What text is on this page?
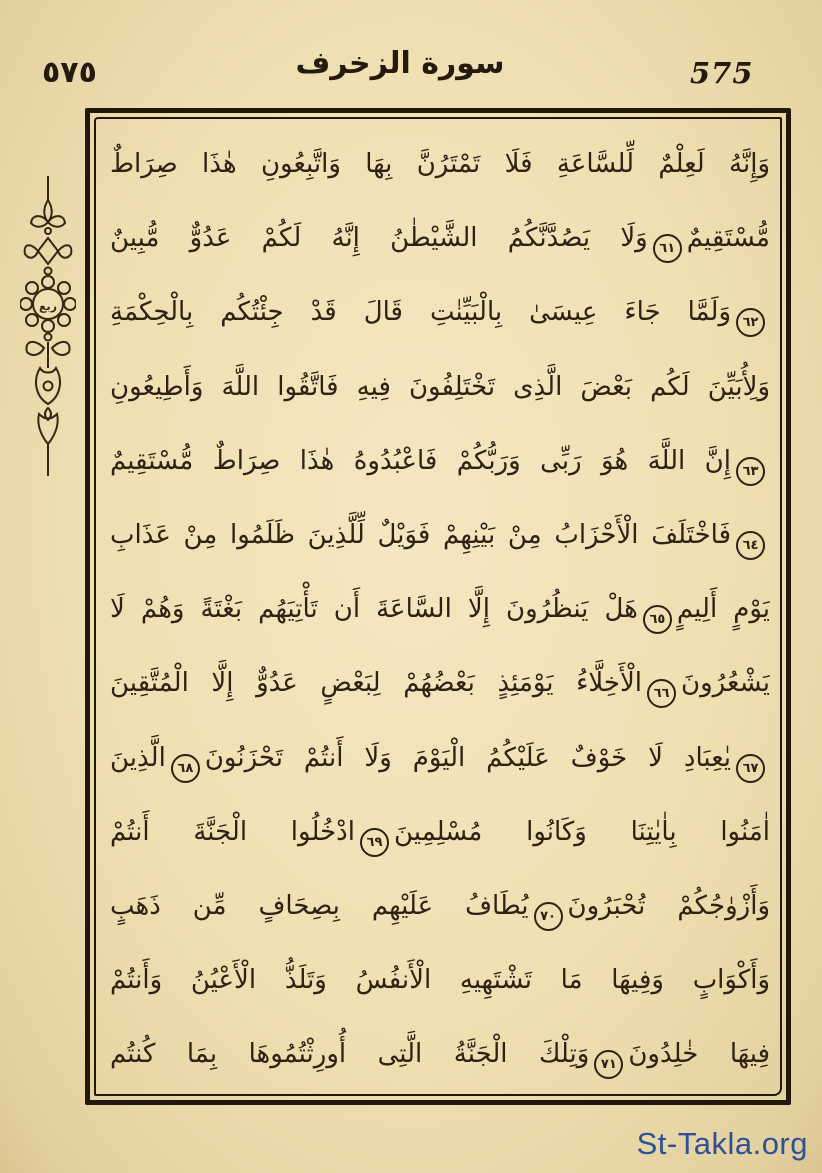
٥٧٥	سورة الزخرف	575
ربع
وَإِنَّهُ لَعِلْمٌ لِّلسَّاعَةِ فَلَا تَمْتَرُنَّ بِهَا وَاتَّبِعُونِ هٰذَا صِرَاطٌ
مُّسْتَقِيمٌ٦١وَلَا يَصُدَّنَّكُمُ الشَّيْطٰنُ إِنَّهُ لَكُمْ عَدُوٌّ مُّبِينٌ
٦٢وَلَمَّا جَاءَ عِيسَىٰ بِالْبَيِّنٰتِ قَالَ قَدْ جِئْتُكُم بِالْحِكْمَةِ
وَلِأُبَيِّنَ لَكُم بَعْضَ الَّذِى تَخْتَلِفُونَ فِيهِ فَاتَّقُوا اللَّهَ وَأَطِيعُونِ
٦٣إِنَّ اللَّهَ هُوَ رَبِّى وَرَبُّكُمْ فَاعْبُدُوهُ هٰذَا صِرَاطٌ مُّسْتَقِيمٌ
٦٤فَاخْتَلَفَ الْأَحْزَابُ مِنْ بَيْنِهِمْ فَوَيْلٌ لِّلَّذِينَ ظَلَمُوا مِنْ عَذَابِ
يَوْمٍ أَلِيمٍ٦٥هَلْ يَنظُرُونَ إِلَّا السَّاعَةَ أَن تَأْتِيَهُم بَغْتَةً وَهُمْ لَا
يَشْعُرُونَ٦٦الْأَخِلَّاءُ يَوْمَئِذٍ بَعْضُهُمْ لِبَعْضٍ عَدُوٌّ إِلَّا الْمُتَّقِينَ
٦٧يٰعِبَادِ لَا خَوْفٌ عَلَيْكُمُ الْيَوْمَ وَلَا أَنتُمْ تَحْزَنُونَ٦٨الَّذِينَ
اٰمَنُوا بِاٰيٰتِنَا وَكَانُوا مُسْلِمِينَ٦٩ادْخُلُوا الْجَنَّةَ أَنتُمْ
وَأَزْوٰجُكُمْ تُحْبَرُونَ٧٠يُطَافُ عَلَيْهِم بِصِحَافٍ مِّن ذَهَبٍ
وَأَكْوَابٍ وَفِيهَا مَا تَشْتَهِيهِ الْأَنفُسُ وَتَلَذُّ الْأَعْيُنُ وَأَنتُمْ
فِيهَا خٰلِدُونَ٧١وَتِلْكَ الْجَنَّةُ الَّتِى أُورِثْتُمُوهَا بِمَا كُنتُم
St-Takla.org
